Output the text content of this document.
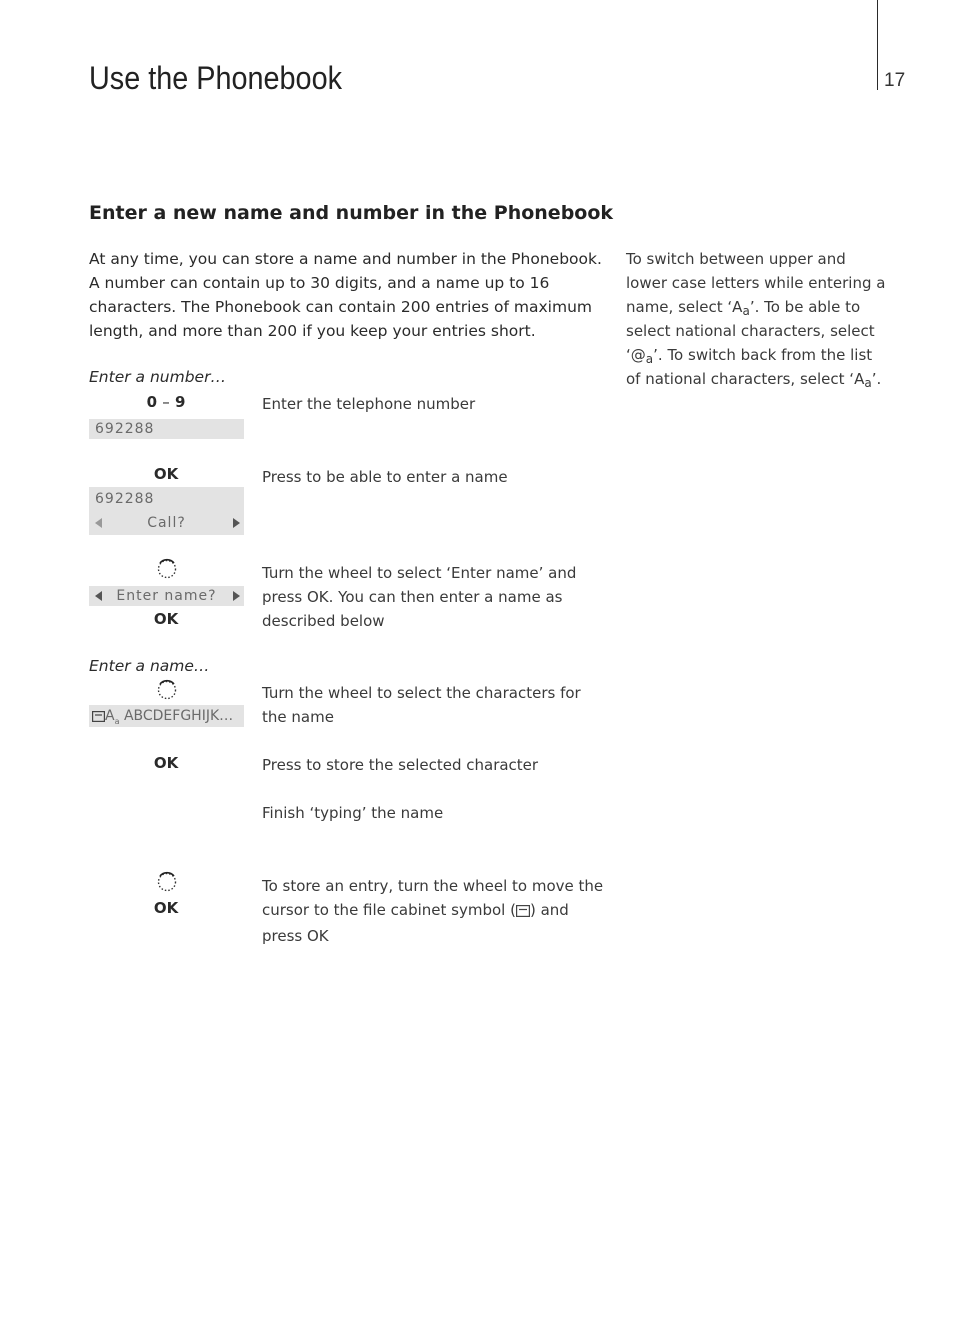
17
Use the Phonebook
Enter a new name and number in the Phonebook
At any time, you can store a name and number in the Phonebook. A number can contain up to 30 digits, and a name up to 16 characters. The Phonebook can contain 200 entries of maximum length, and more than 200 if you keep your entries short.
To switch between upper and lower case letters while entering a name, select ‘$A_a$’. To be able to select national characters, select ‘$@_a$’. To switch back from the list of national characters, select ‘$A_a$’.
Enter a number…
0 – 9
692288
Enter the telephone number
OK
692288
Call?
Press to be able to enter a name
Enter name?
OK
Turn the wheel to select ‘Enter name’ and press OK. You can then enter a name as described below
Enter a name…
$A_a$ ABCDEFGHIJK…
Turn the wheel to select the characters for the name
OK	Press to store the selected character
Finish ‘typing’ the name
OK
To store an entry, turn the wheel to move the cursor to the file cabinet symbol ( ) and press OK
